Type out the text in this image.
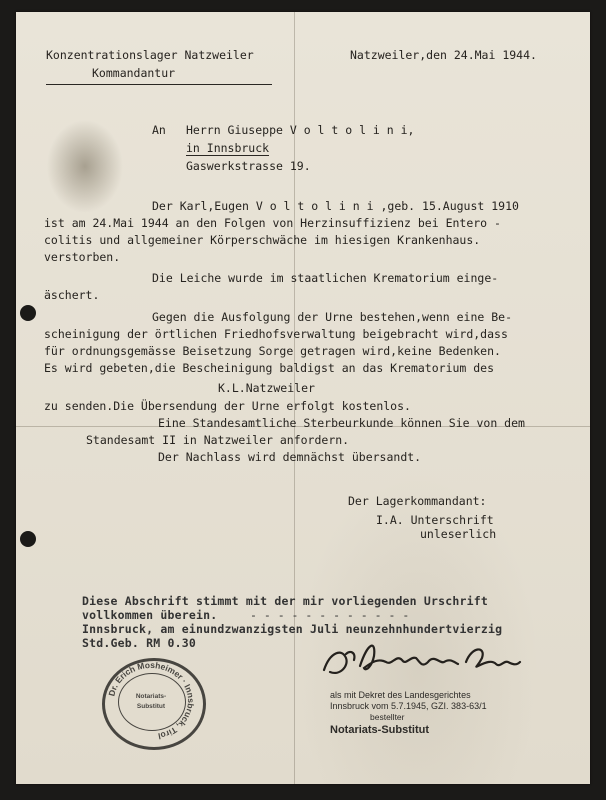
Konzentrationslager Natzweiler
Kommandantur
Natzweiler,den 24.Mai 1944.
An Herrn Giuseppe V o l t o l i n i,
in Innsbruck
Gaswerkstrasse 19.
Der Karl,Eugen V o l t o l i n i ,geb. 15.August 1910
ist am 24.Mai 1944 an den Folgen von Herzinsuffizienz bei Entero -
colitis und allgemeiner Körperschwäche im hiesigen Krankenhaus.
verstorben.
Die Leiche wurde im staatlichen Krematorium einge-
äschert.
Gegen die Ausfolgung der Urne bestehen,wenn eine Be-
scheinigung der örtlichen Friedhofsverwaltung beigebracht wird,dass
für ordnungsgemässe Beisetzung Sorge getragen wird,keine Bedenken.
Es wird gebeten,die Bescheinigung baldigst an das Krematorium des
K.L.Natzweiler
zu senden.Die Übersendung der Urne erfolgt kostenlos.
Eine Standesamtliche Sterbeurkunde können Sie von dem
Standesamt II in Natzweiler anfordern.
Der Nachlass wird demnächst übersandt.
Der Lagerkommandant:
I.A. Unterschrift
unleserlich
Diese Abschrift stimmt mit der mir vorliegenden Urschrift
vollkommen überein.	- - - - - - - - - - - -
Innsbruck, am einundzwanzigsten Juli neunzehnhundertvierzig
Std.Geb. RM 0.30
Dr. Erich Mosheimer · Innsbruck, Tirol
Notariats-
Substitut
als mit Dekret des Landesgerichtes
Innsbruck vom 5.7.1945, GZI. 383-63/1
bestellter
Notariats-Substitut
